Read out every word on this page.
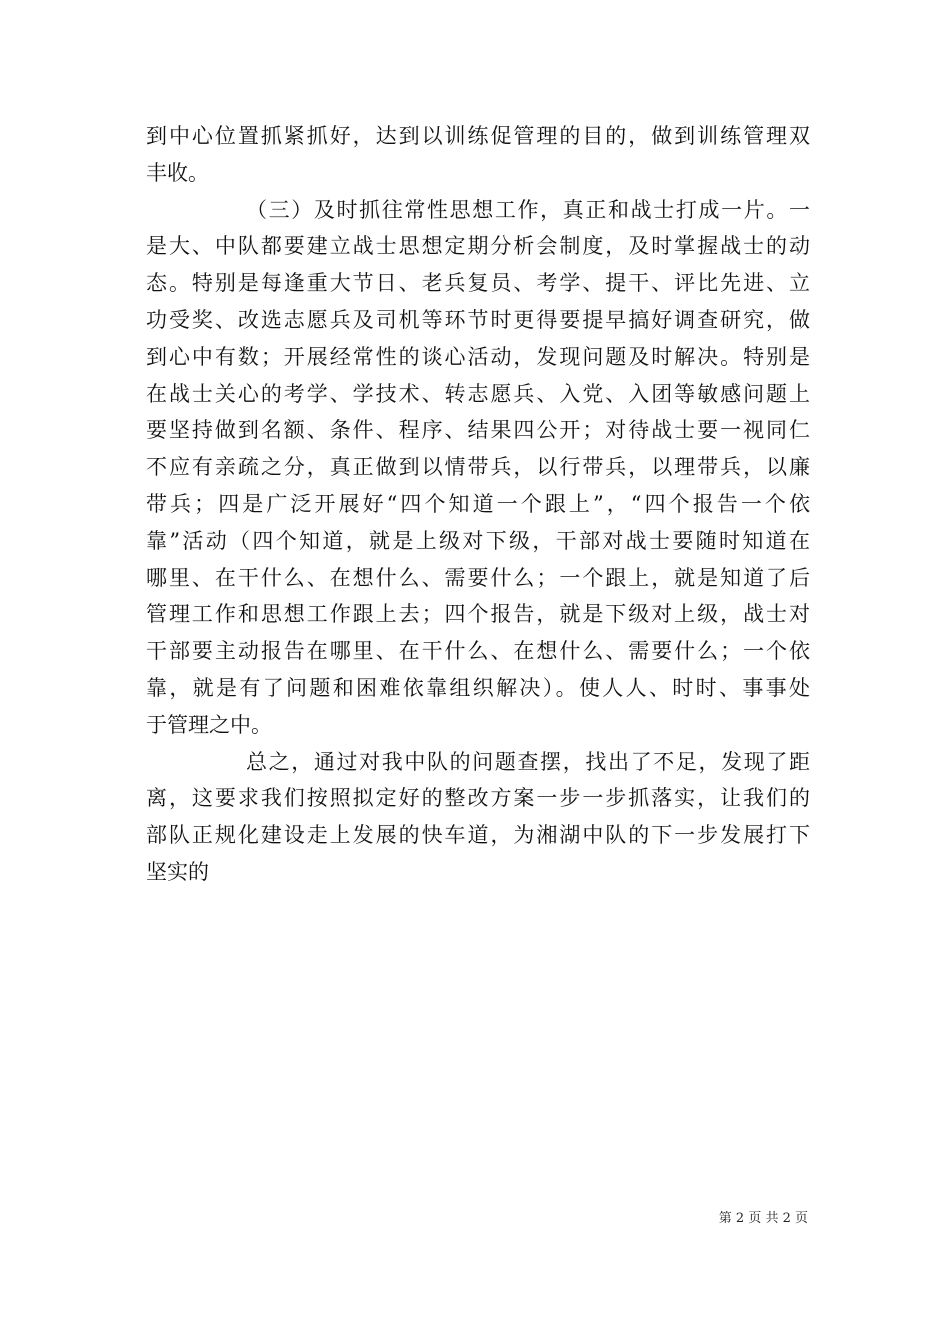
到中心位置抓紧抓好，达到以训练促管理的目的，做到训练管理双
丰收。
（三）及时抓往常性思想工作，真正和战士打成一片。一
是大、中队都要建立战士思想定期分析会制度，及时掌握战士的动
态。特别是每逢重大节日、老兵复员、考学、提干、评比先进、立
功受奖、改选志愿兵及司机等环节时更得要提早搞好调查研究，做
到心中有数；开展经常性的谈心活动，发现问题及时解决。特别是
在战士关心的考学、学技术、转志愿兵、入党、入团等敏感问题上
要坚持做到名额、条件、程序、结果四公开；对待战士要一视同仁
不应有亲疏之分，真正做到以情带兵，以行带兵，以理带兵，以廉
带兵；四是广泛开展好“四个知道一个跟上”，“四个报告一个依
靠”活动（四个知道，就是上级对下级，干部对战士要随时知道在
哪里、在干什么、在想什么、需要什么；一个跟上，就是知道了后
管理工作和思想工作跟上去；四个报告，就是下级对上级，战士对
干部要主动报告在哪里、在干什么、在想什么、需要什么；一个依
靠，就是有了问题和困难依靠组织解决）。使人人、时时、事事处
于管理之中。
总之，通过对我中队的问题查摆，找出了不足，发现了距
离，这要求我们按照拟定好的整改方案一步一步抓落实，让我们的
部队正规化建设走上发展的快车道，为湘湖中队的下一步发展打下
坚实的
第 2 页 共 2 页
